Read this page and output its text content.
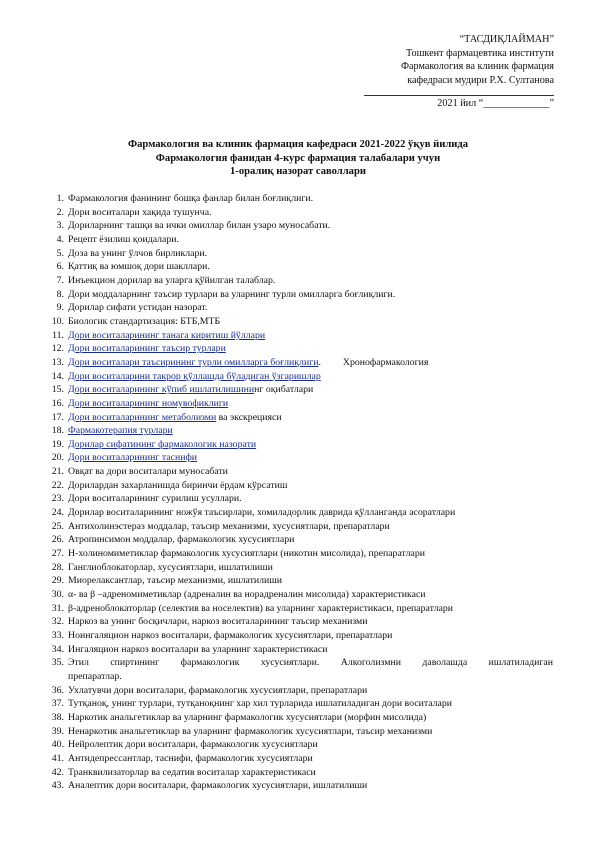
“ТАСДИҚЛАЙМАН”
Тошкент фармацевтика институти
Фармакология ва клиник фармация
кафедраси мудири Р.Х. Султанова
2021 йил “_____________”
Фармакология ва клиник фармация кафедраси 2021-2022 ўқув йилида
Фармакология фанидан 4-курс фармация талабалари учун
1-оралиқ назорат саволлари
1. Фармакология фанининг бошқа фанлар билан боғлиқлиги.
2. Дори воситалари хақида тушунча.
3. Дориларнинг ташқи ва ички омиллар билан узаро муносабати.
4. Рецепт ёзилиш қоидалари.
5. Доза ва унинг ўлчов бирликлари.
6. Қаттиқ ва юмшоқ дори шакллари.
7. Инъекцион дорилар ва уларга қўйилган талаблар.
8. Дори моддаларнинг таъсир турлари ва уларнинг турли омилларга боғлиқлиги.
9. Дорилар сифати устидан назорат.
10. Биологик стандартизация: БТБ,МТБ
11. Дори воситаларининг танага киритиш йўллари
12. Дори воситаларининг таъсир турлари
13. Дори воситалари таъсирининг турли омилларга боғлиқлиги. Хронофармакология
14. Дори воситаларини такрор қўллашда бўладиган ўзгаришлар
15. Дори воситаларининг кўпиб ишлатилишининг оқибатлари
16. Дори воситаларининг номувофиклиги
17. Дори воситаларининг метаболизми ва экскрецияси
18. Фармакотерапия турлари
19. Дорилар сифатининг фармакологик назорати
20. Дори воситаларининг таснифи
21. Овқат ва дори воситалари муносабати
22. Дорилардан захарланишда биринчи ёрдам кўрсатиш
23. Дори воситаларининг сурилиш усуллари.
24. Дорилар воситаларининг ножўя таъсирлари, хомиладорлик даврида қўлланганда асоратлари
25. Антихолинэстераз моддалар, таъсир механизми, хусусиятлари, препаратлари
26. Атропинсимон моддалар, фармакологик хусусиятлари
27. Н-холиномиметиклар фармакологик хусусиятлари (никотин мисолида), препаратлари
28. Ганглиоблокаторлар, хусусиятлари, ишлатилиши
29. Миорелаксантлар, таъсир механизми, ишлатилиши
30. α- ва β –адреномиметиклар (адреналин ва норадреналин мисолида) характеристикаси
31. β-адреноблокаторлар (селектив ва носелектив) ва уларнинг характеристикаси, препаратлари
32. Наркоз ва унинг босқичлари, наркоз воситаларининг таъсир механизми
33. Ноингаляцион наркоз воситалари, фармакологик хусусиятлари, препаратлари
34. Ингаляцион наркоз воситалари ва уларнинг характеристикаси
35. Этил спиртининг фармакологик хусусиятлари. Алкоголизмни даволашда ишлатиладиган
препаратлар.
36. Ухлатувчи дори воситалари, фармакологик хусусиятлари, препаратлари
37. Тутқаноқ, унинг турлари, тутқаноқнинг хар хил турларида ишлатиладиган дори воситалари
38. Наркотик анальгетиклар ва уларнинг фармакологик хусусиятлари (морфин мисолида)
39. Ненаркотик анальгетиклар ва уларнинг фармакологик хусусиятлари, таъсир механизми
40. Нейролептик дори воситалари, фармакологик хусусиятлари
41. Антидепрессантлар, таснифи, фармакологик хусусиятлари
42. Транквилизаторлар ва седатив воситалар характеристикаси
43. Аналептик дори воситалари, фармакологик хусусиятлари, ишлатилиши
